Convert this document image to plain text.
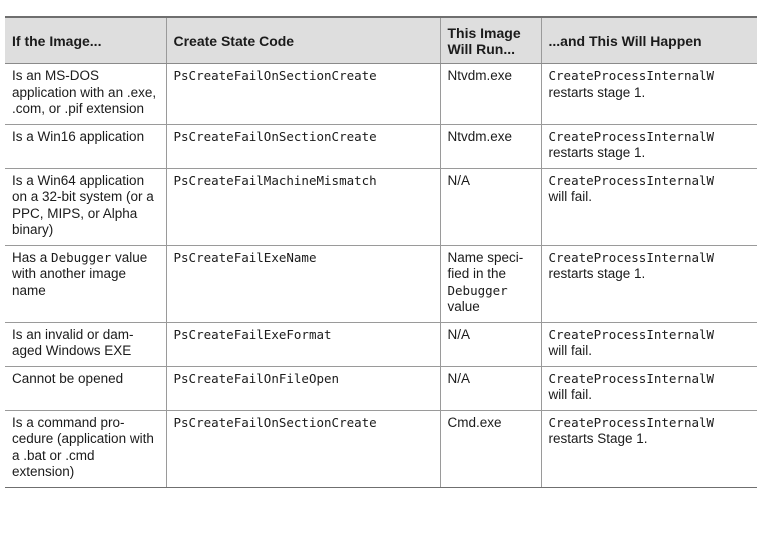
If the Image...	Create State Code	This Image Will Run...	...and This Will Happen
Is an MS-DOS application with an .exe, .com, or .pif extension	PsCreateFailOnSectionCreate	Ntvdm.exe	CreateProcessInternalW
restarts stage 1.
Is a Win16 application	PsCreateFailOnSectionCreate	Ntvdm.exe	CreateProcessInternalW
restarts stage 1.
Is a Win64 application on a 32-bit system (or a PPC, MIPS, or Alpha binary)	PsCreateFailMachineMismatch	N/A	CreateProcessInternalW
will fail.
Has a Debugger value with another image name	PsCreateFailExeName	Name speci-fied in the Debugger value	CreateProcessInternalW
restarts stage 1.
Is an invalid or dam-aged Windows EXE	PsCreateFailExeFormat	N/A	CreateProcessInternalW
will fail.
Cannot be opened	PsCreateFailOnFileOpen	N/A	CreateProcessInternalW
will fail.
Is a command pro-cedure (application with a .bat or .cmd extension)	PsCreateFailOnSectionCreate	Cmd.exe	CreateProcessInternalW
restarts Stage 1.
